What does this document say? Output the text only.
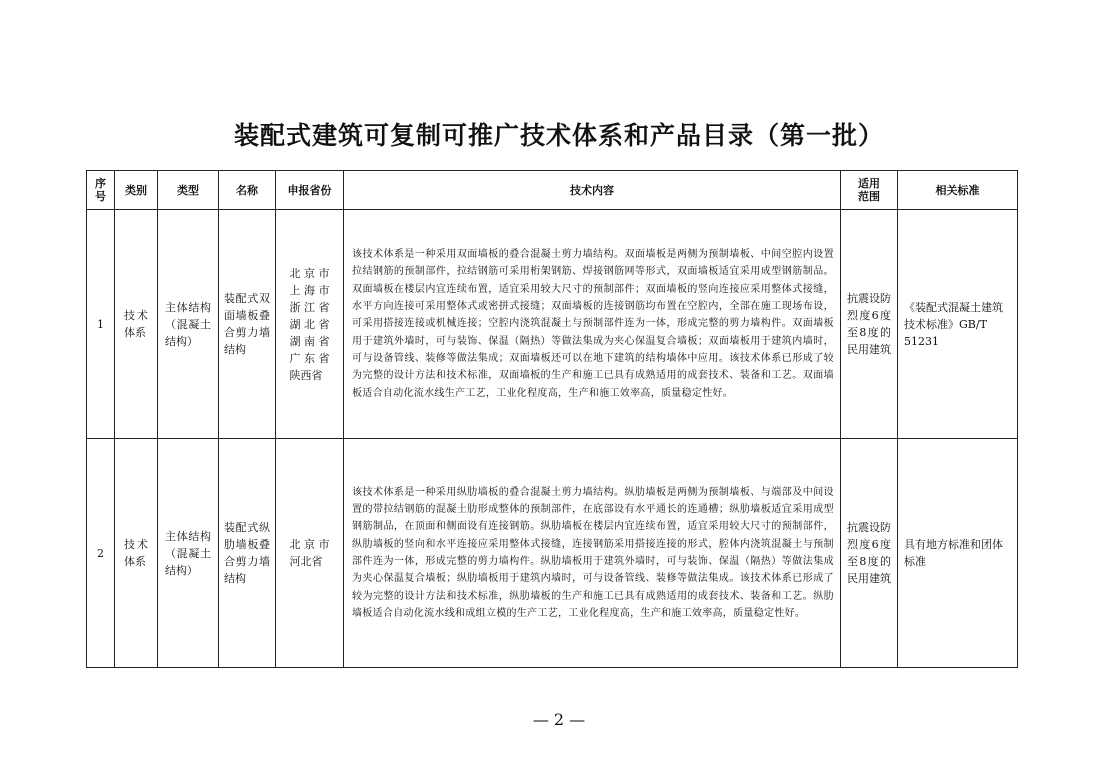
装配式建筑可复制可推广技术体系和产品目录（第一批）
序号	类别	类型	名称	申报省份	技术内容	适用范围	相关标准
1	技术体系	主体结构（混凝土结构）	装配式双面墙板叠合剪力墙结构	北京市上海市浙江省湖北省湖南省广东省陕西省	该技术体系是一种采用双面墙板的叠合混凝土剪力墙结构。双面墙板是两侧为预制墙板、中间空腔内设置拉结钢筋的预制部件，拉结钢筋可采用桁架钢筋、焊接钢筋网等形式，双面墙板适宜采用成型钢筋制品。双面墙板在楼层内宜连续布置，适宜采用较大尺寸的预制部件；双面墙板的竖向连接应采用整体式接缝，水平方向连接可采用整体式或密拼式接缝；双面墙板的连接钢筋均布置在空腔内，全部在施工现场布设，可采用搭接连接或机械连接；空腔内浇筑混凝土与预制部件连为一体，形成完整的剪力墙构件。双面墙板用于建筑外墙时，可与装饰、保温（隔热）等做法集成为夹心保温复合墙板；双面墙板用于建筑内墙时，可与设备管线、装修等做法集成；双面墙板还可以在地下建筑的结构墙体中应用。该技术体系已形成了较为完整的设计方法和技术标准，双面墙板的生产和施工已具有成熟适用的成套技术、装备和工艺。双面墙板适合自动化流水线生产工艺，工业化程度高，生产和施工效率高，质量稳定性好。	抗震设防烈度6度至8度的民用建筑	《装配式混凝土建筑技术标准》GB/T 51231
2	技术体系	主体结构（混凝土结构）	装配式纵肋墙板叠合剪力墙结构	北京市河北省	该技术体系是一种采用纵肋墙板的叠合混凝土剪力墙结构。纵肋墙板是两侧为预制墙板、与端部及中间设置的带拉结钢筋的混凝土肋形成整体的预制部件，在底部设有水平通长的连通槽；纵肋墙板适宜采用成型钢筋制品，在顶面和侧面设有连接钢筋。纵肋墙板在楼层内宜连续布置，适宜采用较大尺寸的预制部件，纵肋墙板的竖向和水平连接应采用整体式接缝，连接钢筋采用搭接连接的形式，腔体内浇筑混凝土与预制部件连为一体，形成完整的剪力墙构件。纵肋墙板用于建筑外墙时，可与装饰、保温（隔热）等做法集成为夹心保温复合墙板；纵肋墙板用于建筑内墙时，可与设备管线、装修等做法集成。该技术体系已形成了较为完整的设计方法和技术标准，纵肋墙板的生产和施工已具有成熟适用的成套技术、装备和工艺。纵肋墙板适合自动化流水线和成组立模的生产工艺，工业化程度高，生产和施工效率高，质量稳定性好。	抗震设防烈度6度至8度的民用建筑	具有地方标准和团体标准
— 2 —
